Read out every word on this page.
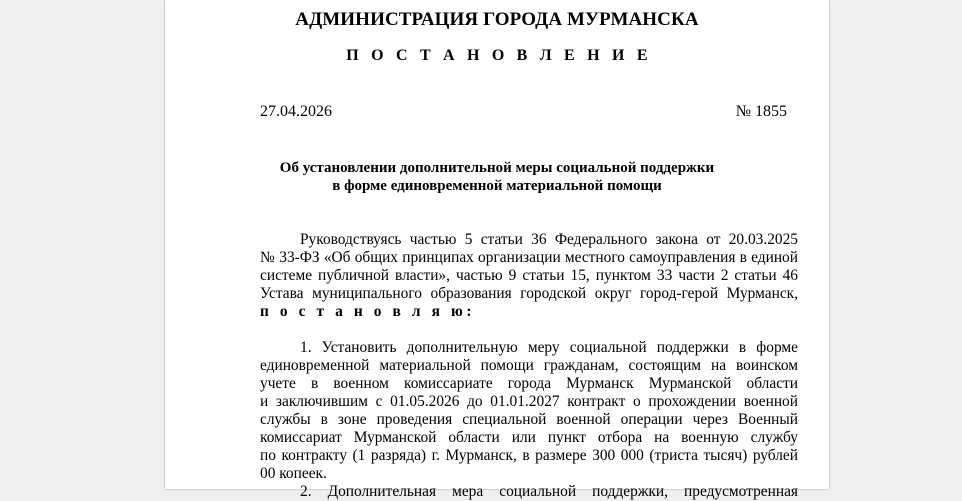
АДМИНИСТРАЦИЯ ГОРОДА МУРМАНСКА
П О С Т А Н О В Л Е Н И Е
27.04.2026	№ 1855
Об установлении дополнительной меры социальной поддержки
в форме единовременной материальной помощи
Руководствуясь частью 5 статьи 36 Федерального закона от 20.03.2025
№ 33-ФЗ «Об общих принципах организации местного самоуправления в единой
системе публичной власти», частью 9 статьи 15, пунктом 33 части 2 статьи 46
Устава муниципального образования городской округ город-герой Мурманск,
п о с т а н о в л я ю:
1. Установить дополнительную меру социальной поддержки в форме
единовременной материальной помощи гражданам, состоящим на воинском
учете в военном комиссариате города Мурманск Мурманской области
и заключившим с 01.05.2026 до 01.01.2027 контракт о прохождении военной
службы в зоне проведения специальной военной операции через Военный
комиссариат Мурманской области или пункт отбора на военную службу
по контракту (1 разряда) г. Мурманск, в размере 300 000 (триста тысяч) рублей
00 копеек.
2. Дополнительная мера социальной поддержки, предусмотренная
